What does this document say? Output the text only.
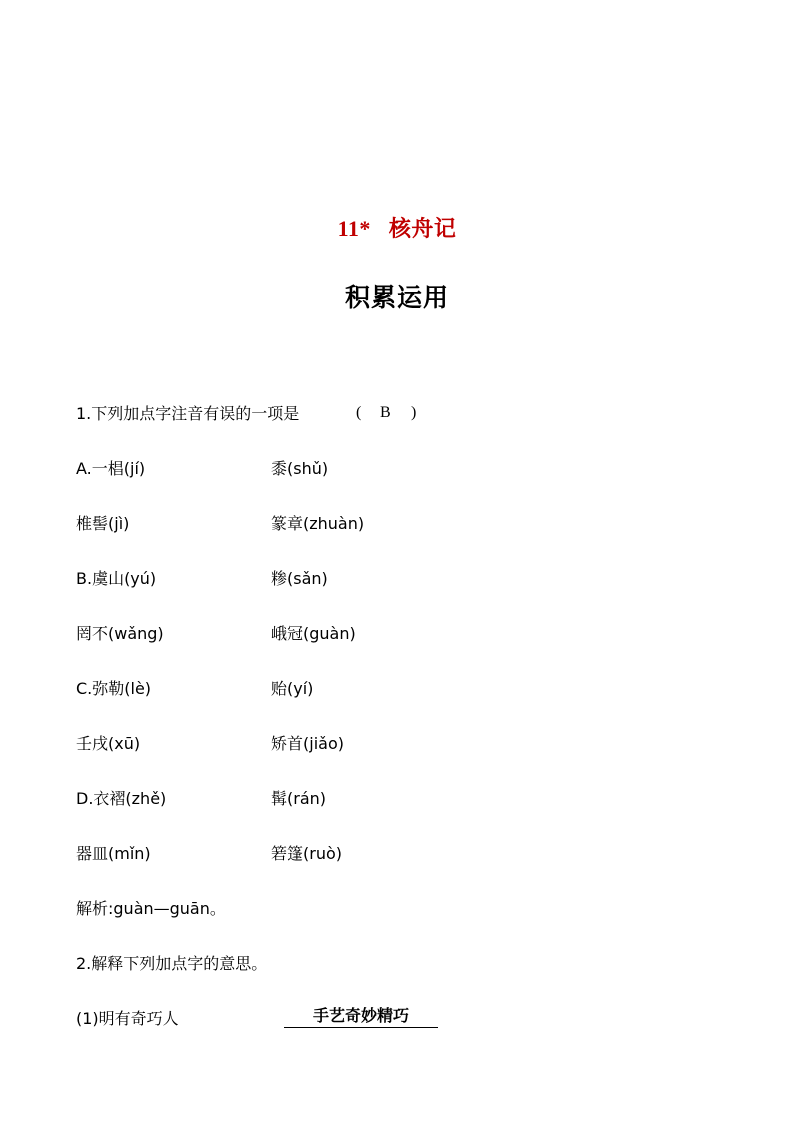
11* 核舟记
积累运用
1.下列加点字注音有误的一项是	( B )
A.一椙(jí)	黍(shǔ)
椎髻(jì)	篆章(zhuàn)
B.虞山(yú)	糁(sǎn)
罔不(wǎng)	峨冠(guàn)
C.弥勒(lè)	贻(yí)
壬戌(xū)	矫首(jiǎo)
D.衣褶(zhě)	髯(rán)
器皿(mǐn)	箬篷(ruò)
解析:guàn—guān。
2.解释下列加点字的意思。
(1)明有奇巧人	手艺奇妙精巧
